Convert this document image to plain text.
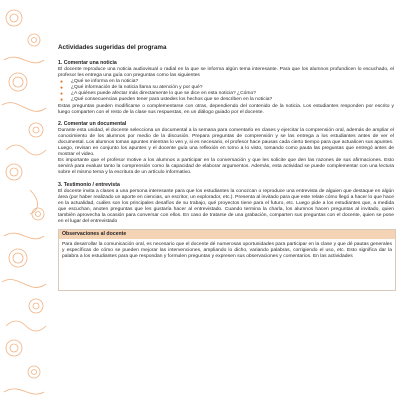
Actividades sugeridas del programa
1. Comentar una noticia

El docente reproduce una noticia audiovisual o radial en la que se informa algún tema interesante. Para que los alumnos profundicen lo escuchado, el profesor les entrega una guía con preguntas como las siguientes

● ¿Qué se informa en la noticia?
● ¿Qué información de la noticia llama su atención y por qué?
● ¿A quiénes puede afectar más directamente lo que se dice en esta noticia? ¿Cómo?
● ¿Qué consecuencias pueden tener para ustedes los hechos que se describen en la noticia?

Estas preguntas pueden modificarse o complementarse con otras, dependiendo del contenido de la noticia. Los estudiantes responden por escrito y luego comparten con el resto de la clase sus respuestas, en un diálogo guiado por el docente.

2. Comentar un documental

Durante esta unidad, el docente selecciona un documental a la semana para comentarlo en clases y ejercitar la comprensión oral, además de ampliar el conocimiento de los alumnos por medio de la discusión. Prepara preguntas de comprensión y se las entrega a los estudiantes antes de ver el documental. Los alumnos toman apuntes mientras lo ven y, si es necesario, el profesor hace pausas cada cierto tiempo para que actualicen sus apuntes.

Luego, revisan en conjunto los apuntes y el docente guía una reflexión en torno a lo visto, tomando como pauta las preguntas que entregó antes de mostrar el video.

Es importante que el profesor motive a los alumnos a participar en la conversación y que les solicite que den las razones de sus afirmaciones. Esto servirá para evaluar tanto la comprensión como la capacidad de elaborar argumentos. Además, esta actividad se puede complementar con una lectura sobre el mismo tema y la escritura de un artículo informativo.

3. Testimonio / entrevista

El docente invita a clases a una persona interesante para que los estudiantes la conozcan o reproduce una entrevista de alguien que destaque en algún área (por haber realizado un aporte en ciencias, un escritor, un explorador, etc.). Presenta al invitado para que este relate cómo llegó a hacer lo que hace en la actualidad, cuáles son los principales desafíos de su trabajo, qué proyectos tiene para el futuro, etc. Luego pide a los estudiantes que, a medida que escuchan, anoten preguntas que les gustaría hacer al entrevistado. Cuando termina la charla, los alumnos hacen preguntas al invitado, quien también aprovecha la ocasión para conversar con ellos. En caso de tratarse de una grabación, comparten sus preguntas con el docente, quien se pone en el lugar del entrevistado

Observaciones al docente

Para desarrollar la comunicación oral, es necesario que el docente dé numerosas oportunidades para participar en la clase y que dé pautas generales y específicas de cómo se pueden mejorar las intervenciones, ampliando lo dicho, variando palabras, corrigiendo el uso, etc. Esto significa dar la palabra a los estudiantes para que respondan y formulen preguntas y expresen sus observaciones y comentarios. En las actividades
